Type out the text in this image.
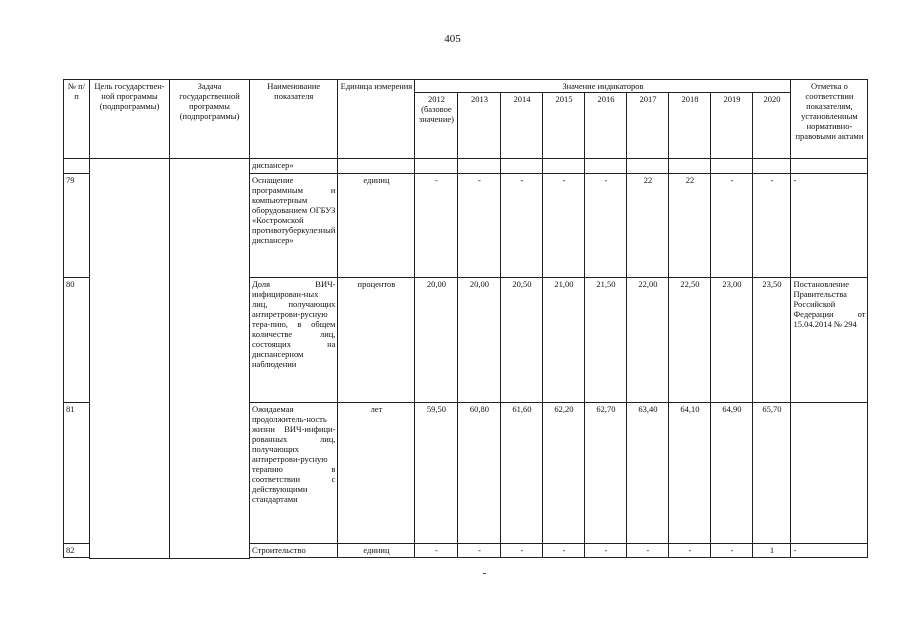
405
№ п/п	Цель государствен-ной программы (подпрограммы)	Задача государственной программы (подпрограммы)	Наименование показателя	Единица измерения	Значение индикаторов									Отметка о соответствии показателям, установленным нормативно-правовыми актами
					2012 (базовое значение)	2013	2014	2015	2016	2017	2018	2019	2020	
			диспансер»											
79			Оснащение программным и компьютерным оборудованием ОГБУЗ «Костромской противотуберкулезный диспансер»	единиц	-	-	-	-	-	22	22	-	-	-
80			Доля ВИЧ-инфицирован-ных лиц, получающих антиретрови-русную тера-пию, в общем количестве лиц, состоящих на диспансерном наблюдении	процентов	20,00	20,00	20,50	21,00	21,50	22,00	22,50	23,00	23,50	Постановление Правительства Российской Федерации от 15.04.2014 № 294
81			Ожидаемая продолжитель-ность жизни ВИЧ-инфици-рованных лиц, получающих антиретрови-русную терапию в соответствии с действующими стандартами	лет	59,50	60,80	61,60	62,20	62,70	63,40	64,10	64,90	65,70	
82			Строительство	единиц	-	-	-	-	-	-	-	-	1	-
